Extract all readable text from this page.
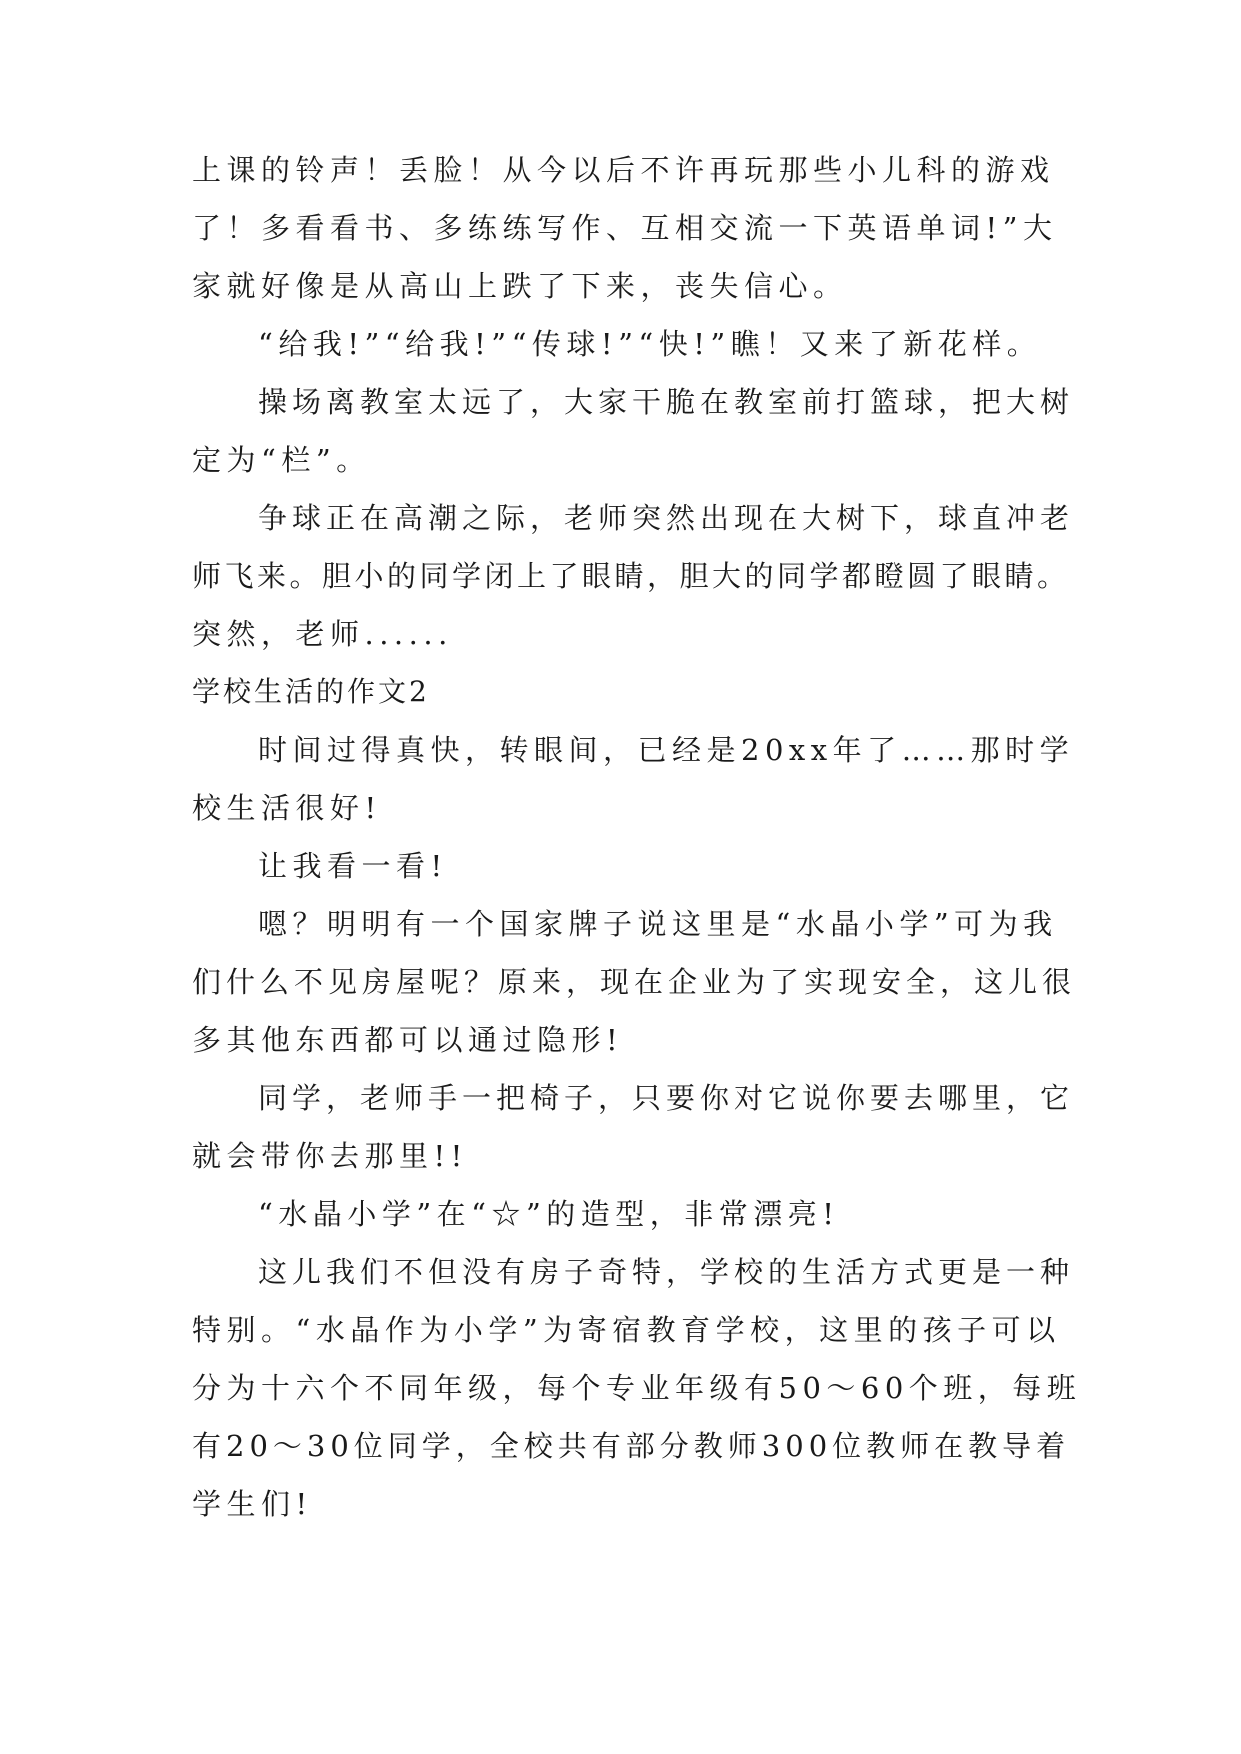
上课的铃声！丢脸！从今以后不许再玩那些小儿科的游戏
了！多看看书、多练练写作、互相交流一下英语单词!”大
家就好像是从高山上跌了下来，丧失信心。
“给我!”“给我!”“传球!”“快!”瞧！又来了新花样。
操场离教室太远了，大家干脆在教室前打篮球，把大树
定为“栏”。
争球正在高潮之际，老师突然出现在大树下，球直冲老
师飞来。胆小的同学闭上了眼睛，胆大的同学都瞪圆了眼睛。
突然，老师......
学校生活的作文2
时间过得真快，转眼间，已经是20xx年了……那时学
校生活很好!
让我看一看!
嗯？明明有一个国家牌子说这里是“水晶小学”可为我
们什么不见房屋呢？原来，现在企业为了实现安全，这儿很
多其他东西都可以通过隐形!
同学，老师手一把椅子，只要你对它说你要去哪里，它
就会带你去那里!!
“水晶小学”在“☆”的造型，非常漂亮!
这儿我们不但没有房子奇特，学校的生活方式更是一种
特别。“水晶作为小学”为寄宿教育学校，这里的孩子可以
分为十六个不同年级，每个专业年级有50～60个班，每班
有20～30位同学，全校共有部分教师300位教师在教导着
学生们!
